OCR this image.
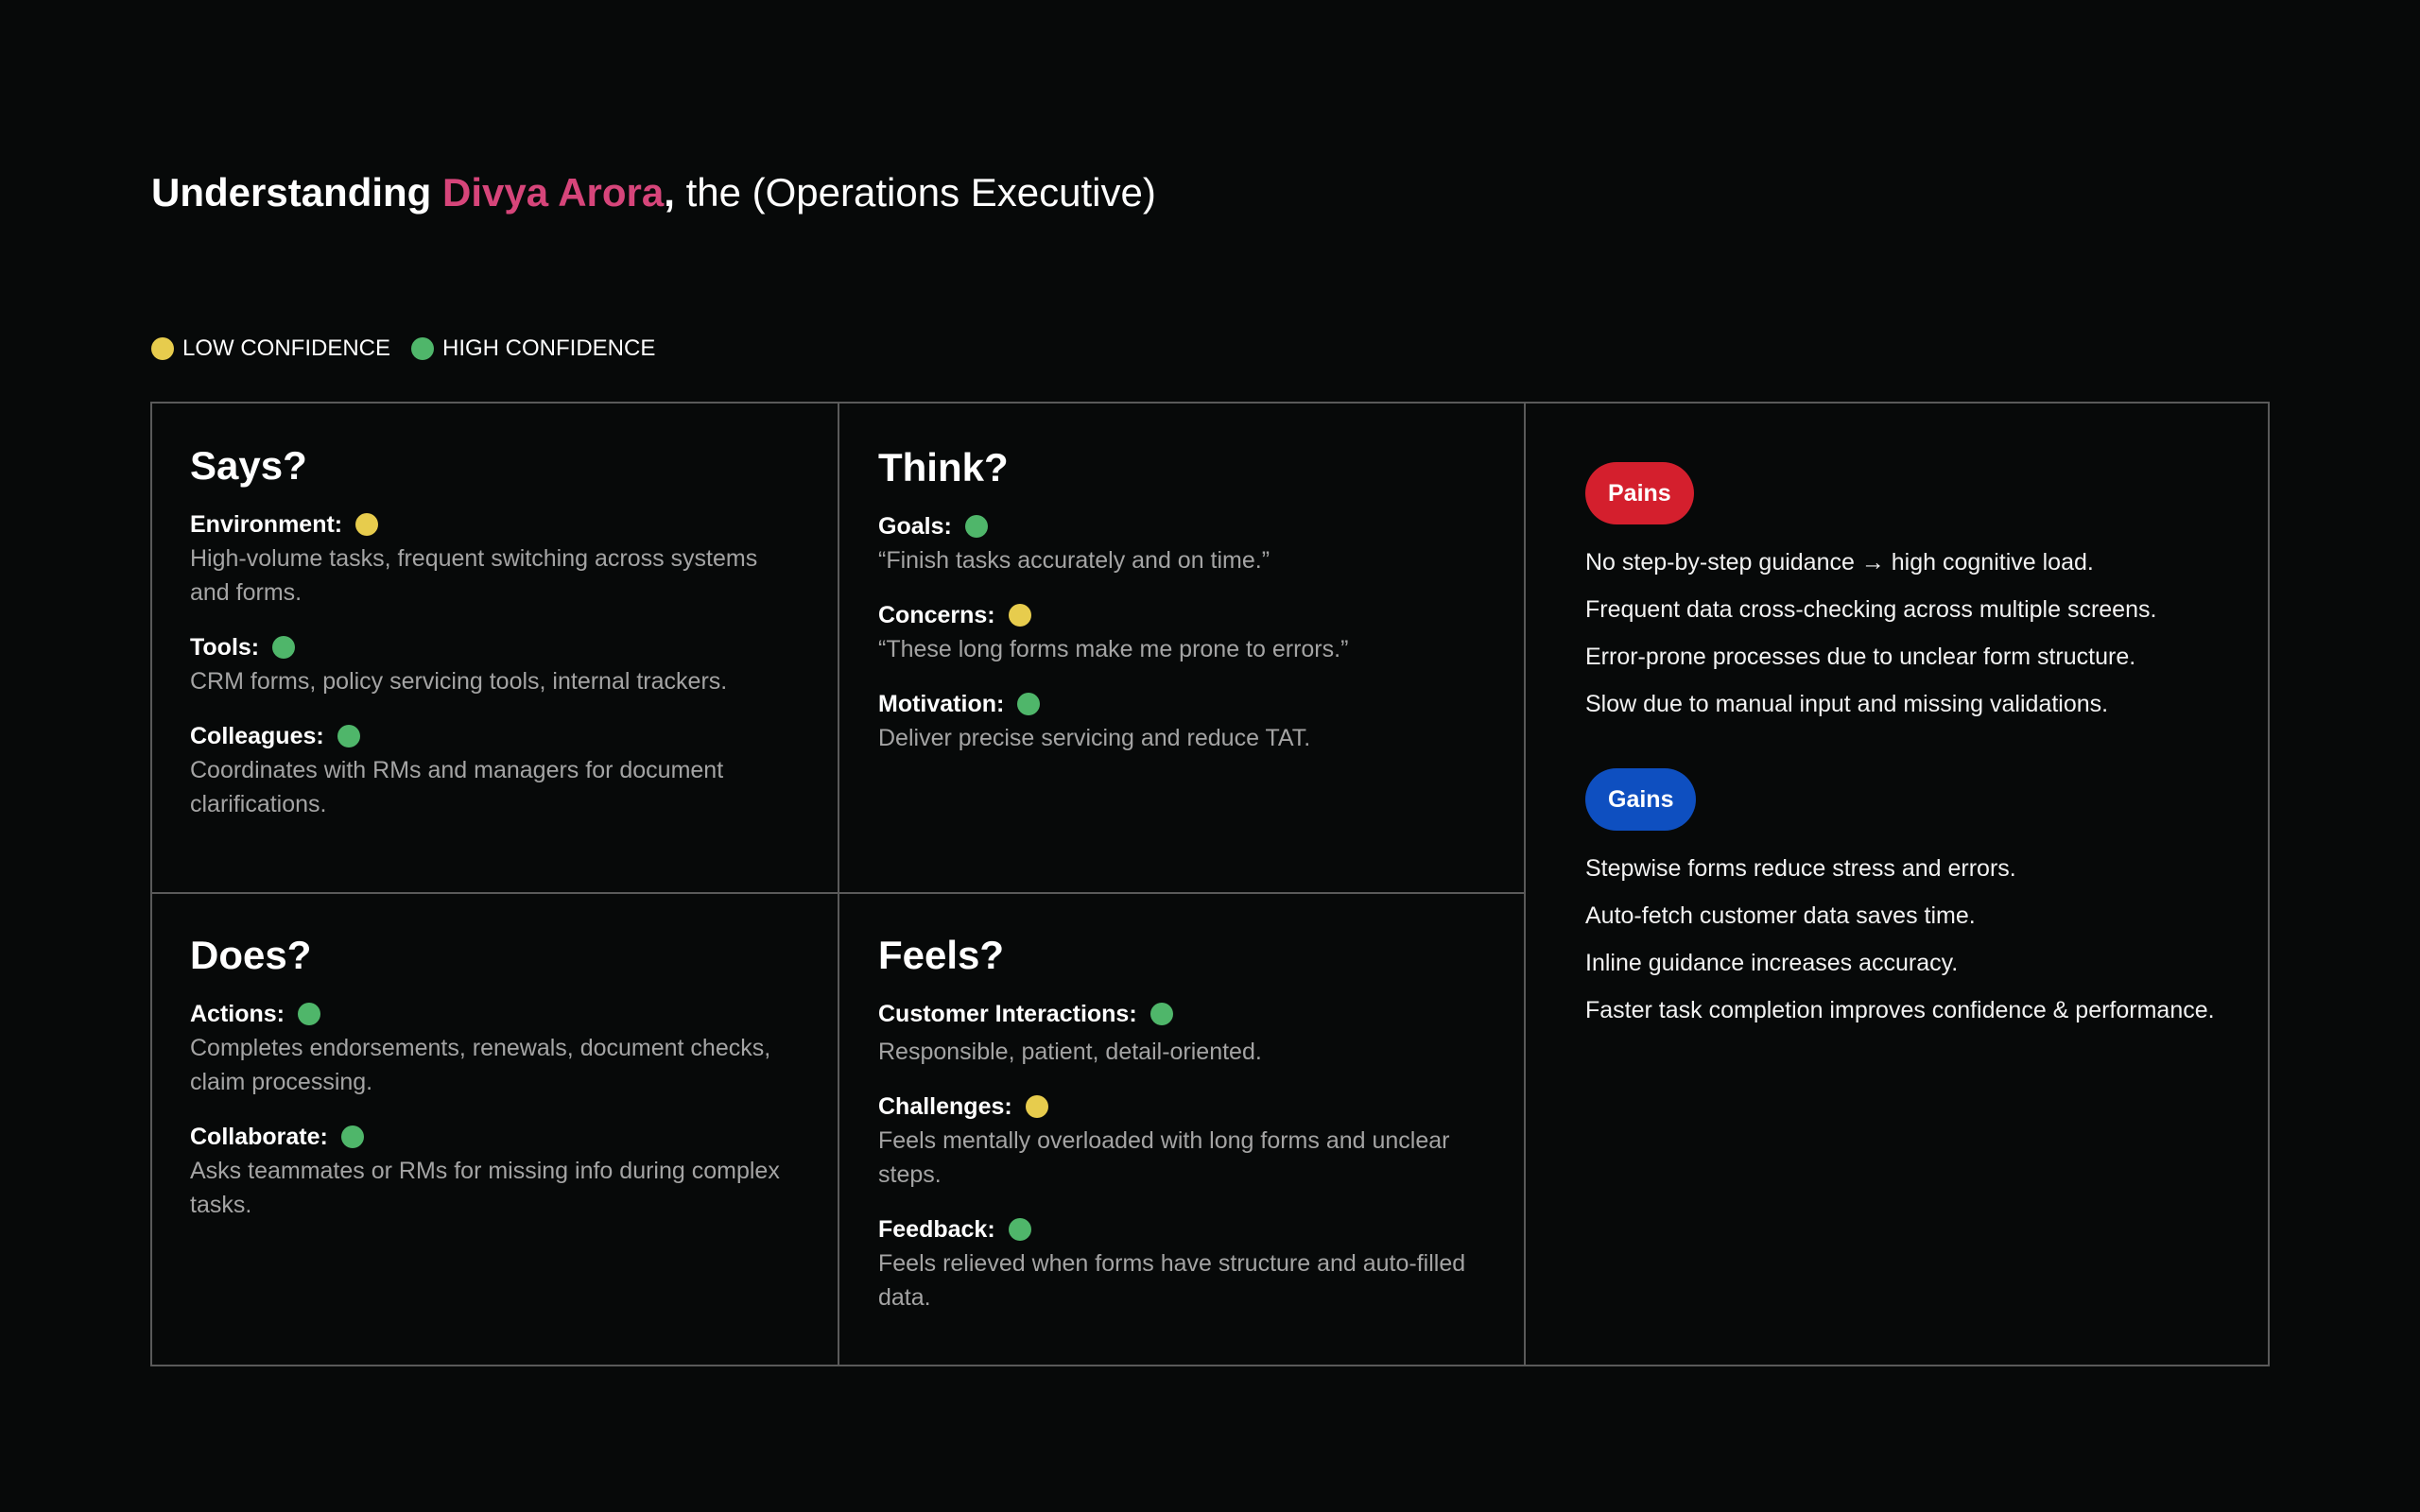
Understanding Divya Arora, the (Operations Executive)
LOW CONFIDENCE HIGH CONFIDENCE
Says?
Environment:
High-volume tasks, frequent switching across systems and forms.
Tools:
CRM forms, policy servicing tools, internal trackers.
Colleagues:
Coordinates with RMs and managers for document clarifications.
Think?
Goals:
“Finish tasks accurately and on time.”
Concerns:
“These long forms make me prone to errors.”
Motivation:
Deliver precise servicing and reduce TAT.
Does?
Actions:
Completes endorsements, renewals, document checks, claim processing.
Collaborate:
Asks teammates or RMs for missing info during complex tasks.
Feels?
Customer Interactions:
Responsible, patient, detail-oriented.
Challenges:
Feels mentally overloaded with long forms and unclear steps.
Feedback:
Feels relieved when forms have structure and auto-filled data.
Pains
No step-by-step guidance → high cognitive load.
Frequent data cross-checking across multiple screens.
Error-prone processes due to unclear form structure.
Slow due to manual input and missing validations.
Gains
Stepwise forms reduce stress and errors.
Auto-fetch customer data saves time.
Inline guidance increases accuracy.
Faster task completion improves confidence & performance.
